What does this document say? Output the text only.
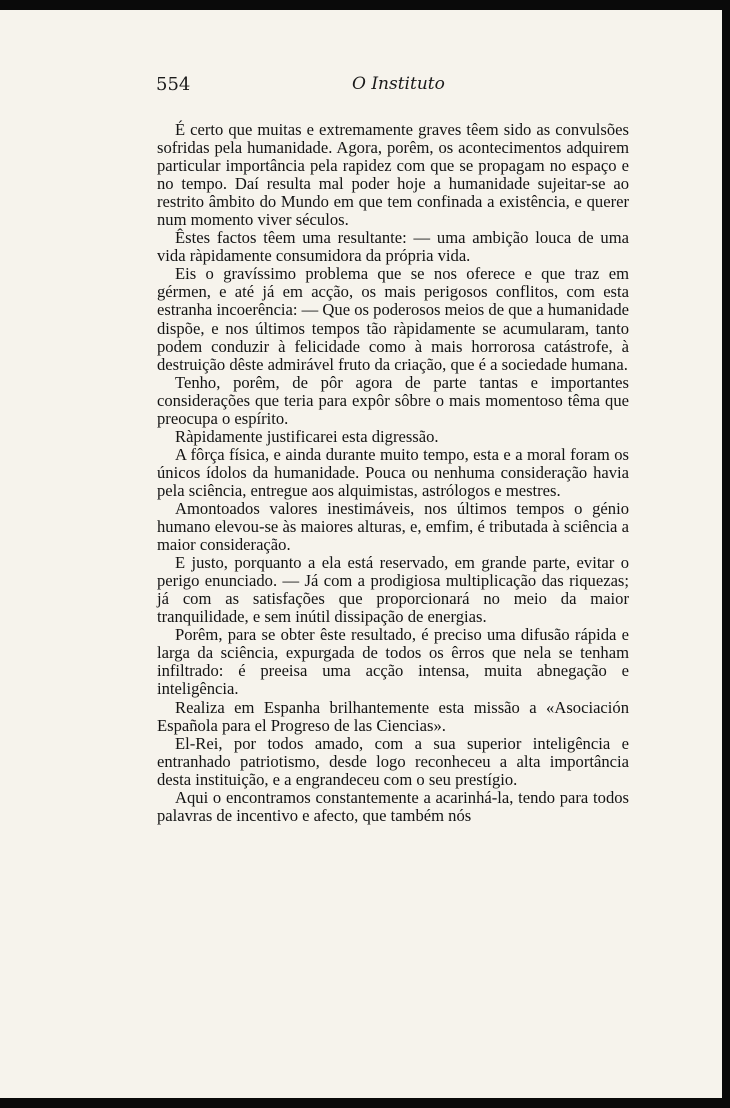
554	O Instituto

É certo que muitas e extremamente graves têem sido as convulsões sofridas pela humanidade. Agora, porêm, os acontecimentos adquirem particular importância pela rapidez com que se propagam no espaço e no tempo. Daí resulta mal poder hoje a humanidade sujeitar-se ao restrito âmbito do Mundo em que tem confinada a existência, e querer num momento viver séculos.

Êstes factos têem uma resultante: — uma ambição louca de uma vida ràpidamente consumidora da própria vida.

Eis o gravíssimo problema que se nos oferece e que traz em gérmen, e até já em acção, os mais perigosos conflitos, com esta estranha incoerência: — Que os poderosos meios de que a humanidade dispõe, e nos últimos tempos tão ràpidamente se acumularam, tanto podem conduzir à felicidade como à mais horrorosa catástrofe, à destruição dêste admirável fruto da criação, que é a sociedade humana.

Tenho, porêm, de pôr agora de parte tantas e importantes considerações que teria para expôr sôbre o mais momentoso têma que preocupa o espírito.

Ràpidamente justificarei esta digressão.

A fôrça física, e ainda durante muito tempo, esta e a moral foram os únicos ídolos da humanidade. Pouca ou nenhuma consideração havia pela sciência, entregue aos alquimistas, astrólogos e mestres.

Amontoados valores inestimáveis, nos últimos tempos o génio humano elevou-se às maiores alturas, e, emfim, é tributada à sciência a maior consideração.

E justo, porquanto a ela está reservado, em grande parte, evitar o perigo enunciado. — Já com a prodigiosa multiplicação das riquezas; já com as satisfações que proporcionará no meio da maior tranquilidade, e sem inútil dissipação de energias.

Porêm, para se obter êste resultado, é preciso uma difusão rápida e larga da sciência, expurgada de todos os êrros que nela se tenham infiltrado: é preeisa uma acção intensa, muita abnegação e inteligência.

Realiza em Espanha brilhantemente esta missão a «Asociación Española para el Progreso de las Ciencias».

El-Rei, por todos amado, com a sua superior inteligência e entranhado patriotismo, desde logo reconheceu a alta importância desta instituição, e a engrandeceu com o seu prestígio.

Aqui o encontramos constantemente a acarinhá-la, tendo para todos palavras de incentivo e afecto, que também nós
